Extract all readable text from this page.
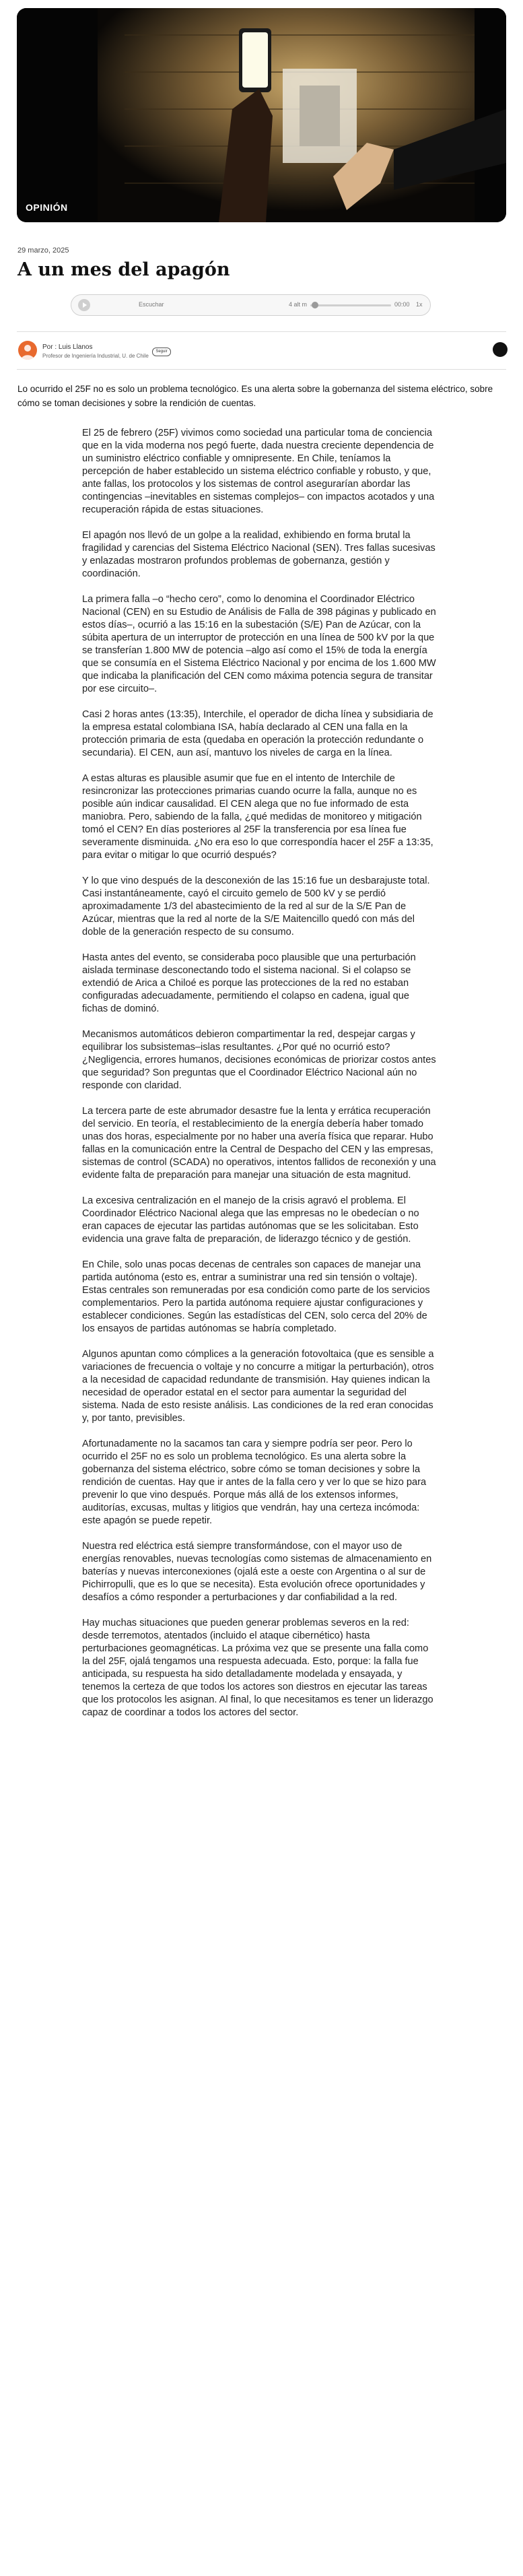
OPINIÓN
29 marzo, 2025
A un mes del apagón
Escuchar	4 alt m	00:00 1x
Por : Luis Llanos
Profesor de Ingeniería Industrial, U. de Chile
Seguir

Lo ocurrido el 25F no es solo un problema tecnológico. Es una alerta sobre la gobernanza del sistema eléctrico, sobre cómo se toman decisiones y sobre la rendición de cuentas.

El 25 de febrero (25F) vivimos como sociedad una particular toma de conciencia que en la vida moderna nos pegó fuerte, dada nuestra creciente dependencia de un suministro eléctrico confiable y omnipresente. En Chile, teníamos la percepción de haber establecido un sistema eléctrico confiable y robusto, y que, ante fallas, los protocolos y los sistemas de control asegurarían abordar las contingencias –inevitables en sistemas complejos– con impactos acotados y una recuperación rápida de estas situaciones.

El apagón nos llevó de un golpe a la realidad, exhibiendo en forma brutal la fragilidad y carencias del Sistema Eléctrico Nacional (SEN). Tres fallas sucesivas y enlazadas mostraron profundos problemas de gobernanza, gestión y coordinación.

La primera falla –o “hecho cero”, como lo denomina el Coordinador Eléctrico Nacional (CEN) en su Estudio de Análisis de Falla de 398 páginas y publicado en estos días–, ocurrió a las 15:16 en la subestación (S/E) Pan de Azúcar, con la súbita apertura de un interruptor de protección en una línea de 500 kV por la que se transferían 1.800 MW de potencia –algo así como el 15% de toda la energía que se consumía en el Sistema Eléctrico Nacional y por encima de los 1.600 MW que indicaba la planificación del CEN como máxima potencia segura de transitar por ese circuito–.

Casi 2 horas antes (13:35), Interchile, el operador de dicha línea y subsidiaria de la empresa estatal colombiana ISA, había declarado al CEN una falla en la protección primaria de esta (quedaba en operación la protección redundante o secundaria). El CEN, aun así, mantuvo los niveles de carga en la línea.

A estas alturas es plausible asumir que fue en el intento de Interchile de resincronizar las protecciones primarias cuando ocurre la falla, aunque no es posible aún indicar causalidad. El CEN alega que no fue informado de esta maniobra. Pero, sabiendo de la falla, ¿qué medidas de monitoreo y mitigación tomó el CEN? En días posteriores al 25F la transferencia por esa línea fue severamente disminuida. ¿No era eso lo que correspondía hacer el 25F a 13:35, para evitar o mitigar lo que ocurrió después?

Y lo que vino después de la desconexión de las 15:16 fue un desbarajuste total. Casi instantáneamente, cayó el circuito gemelo de 500 kV y se perdió aproximadamente 1/3 del abastecimiento de la red al sur de la S/E Pan de Azúcar, mientras que la red al norte de la S/E Maitencillo quedó con más del doble de la generación respecto de su consumo.

Hasta antes del evento, se consideraba poco plausible que una perturbación aislada terminase desconectando todo el sistema nacional. Si el colapso se extendió de Arica a Chiloé es porque las protecciones de la red no estaban configuradas adecuadamente, permitiendo el colapso en cadena, igual que fichas de dominó.

Mecanismos automáticos debieron compartimentar la red, despejar cargas y equilibrar los subsistemas–islas resultantes. ¿Por qué no ocurrió esto? ¿Negligencia, errores humanos, decisiones económicas de priorizar costos antes que seguridad? Son preguntas que el Coordinador Eléctrico Nacional aún no responde con claridad.

La tercera parte de este abrumador desastre fue la lenta y errática recuperación del servicio. En teoría, el restablecimiento de la energía debería haber tomado unas dos horas, especialmente por no haber una avería física que reparar. Hubo fallas en la comunicación entre la Central de Despacho del CEN y las empresas, sistemas de control (SCADA) no operativos, intentos fallidos de reconexión y una evidente falta de preparación para manejar una situación de esta magnitud.

La excesiva centralización en el manejo de la crisis agravó el problema. El Coordinador Eléctrico Nacional alega que las empresas no le obedecían o no eran capaces de ejecutar las partidas autónomas que se les solicitaban. Esto evidencia una grave falta de preparación, de liderazgo técnico y de gestión.

En Chile, solo unas pocas decenas de centrales son capaces de manejar una partida autónoma (esto es, entrar a suministrar una red sin tensión o voltaje). Estas centrales son remuneradas por esa condición como parte de los servicios complementarios. Pero la partida autónoma requiere ajustar configuraciones y establecer condiciones. Según las estadísticas del CEN, solo cerca del 20% de los ensayos de partidas autónomas se habría completado.

Algunos apuntan como cómplices a la generación fotovoltaica (que es sensible a variaciones de frecuencia o voltaje y no concurre a mitigar la perturbación), otros a la necesidad de capacidad redundante de transmisión. Hay quienes indican la necesidad de operador estatal en el sector para aumentar la seguridad del sistema. Nada de esto resiste análisis. Las condiciones de la red eran conocidas y, por tanto, previsibles.

Afortunadamente no la sacamos tan cara y siempre podría ser peor. Pero lo ocurrido el 25F no es solo un problema tecnológico. Es una alerta sobre la gobernanza del sistema eléctrico, sobre cómo se toman decisiones y sobre la rendición de cuentas. Hay que ir antes de la falla cero y ver lo que se hizo para prevenir lo que vino después. Porque más allá de los extensos informes, auditorías, excusas, multas y litigios que vendrán, hay una certeza incómoda: este apagón se puede repetir.

Nuestra red eléctrica está siempre transformándose, con el mayor uso de energías renovables, nuevas tecnologías como sistemas de almacenamiento en baterías y nuevas interconexiones (ojalá este a oeste con Argentina o al sur de Pichirropulli, que es lo que se necesita). Esta evolución ofrece oportunidades y desafíos a cómo responder a perturbaciones y dar confiabilidad a la red.

Hay muchas situaciones que pueden generar problemas severos en la red: desde terremotos, atentados (incluido el ataque cibernético) hasta perturbaciones geomagnéticas. La próxima vez que se presente una falla como la del 25F, ojalá tengamos una respuesta adecuada. Esto, porque: la falla fue anticipada, su respuesta ha sido detalladamente modelada y ensayada, y tenemos la certeza de que todos los actores son diestros en ejecutar las tareas que los protocolos les asignan. Al final, lo que necesitamos es tener un liderazgo capaz de coordinar a todos los actores del sector.
